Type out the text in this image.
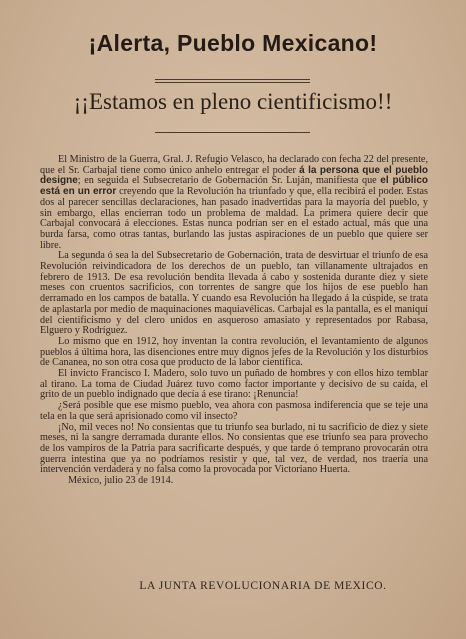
¡Alerta, Pueblo Mexicano!
¡¡Estamos en pleno cientificismo!!

El Ministro de la Guerra, Gral. J. Refugio Velasco, ha declarado con fecha 22 del presente, que el Sr. Carbajal tiene como único anhelo entregar el poder á la persona que el pueblo designe; en seguida el Subsecretario de Gobernación Sr. Luján, manifiesta que el público está en un error creyendo que la Revolución ha triunfado y que, ella recibirá el poder. Estas dos al parecer sencillas declaraciones, han pasado inadvertidas para la mayoría del pueblo, y sin embargo, ellas encierran todo un problema de maldad. La primera quiere decir que Carbajal convocará á elecciones. Estas nunca podrían ser en el estado actual, más que una burda farsa, como otras tantas, burlando las justas aspiraciones de un pueblo que quiere ser libre.

La segunda ó sea la del Subsecretario de Gobernación, trata de desvirtuar el triunfo de esa Revolución reivindicadora de los derechos de un pueblo, tan villanamente ultrajados en febrero de 1913. De esa revolución bendita llevada á cabo y sostenida durante diez y siete meses con cruentos sacrificios, con torrentes de sangre que los hijos de ese pueblo han derramado en los campos de batalla. Y cuando esa Revolución ha llegado á la cúspide, se trata de aplastarla por medio de maquinaciones maquiavélicas. Carbajal es la pantalla, es el maniquí del cientificismo y del clero unidos en asqueroso amasiato y representados por Rabasa, Elguero y Rodríguez.

Lo mismo que en 1912, hoy inventan la contra revolución, el levantamiento de algunos pueblos á última hora, las disenciones entre muy dignos jefes de la Revolución y los disturbios de Cananea, no son otra cosa que producto de la labor científica.

El invicto Francisco I. Madero, solo tuvo un puñado de hombres y con ellos hizo temblar al tirano. La toma de Ciudad Juárez tuvo como factor importante y decisivo de su caída, el grito de un pueblo indignado que decía á ese tirano: ¡Renuncia!

¿Será posible que ese mismo pueblo, vea ahora con pasmosa indiferencia que se teje una tela en la que será aprisionado como vil insecto?

¡No, mil veces no! No consientas que tu triunfo sea burlado, ni tu sacrificio de diez y siete meses, ni la sangre derramada durante ellos. No consientas que ese triunfo sea para provecho de los vampiros de la Patria para sacrificarte después, y que tarde ó temprano provocarán otra guerra intestina que ya no podríamos resistir y que, tal vez, de verdad, nos traería una intervención verdadera y no falsa como la provocada por Victoriano Huerta.

México, julio 23 de 1914.

LA JUNTA REVOLUCIONARIA DE MEXICO.
